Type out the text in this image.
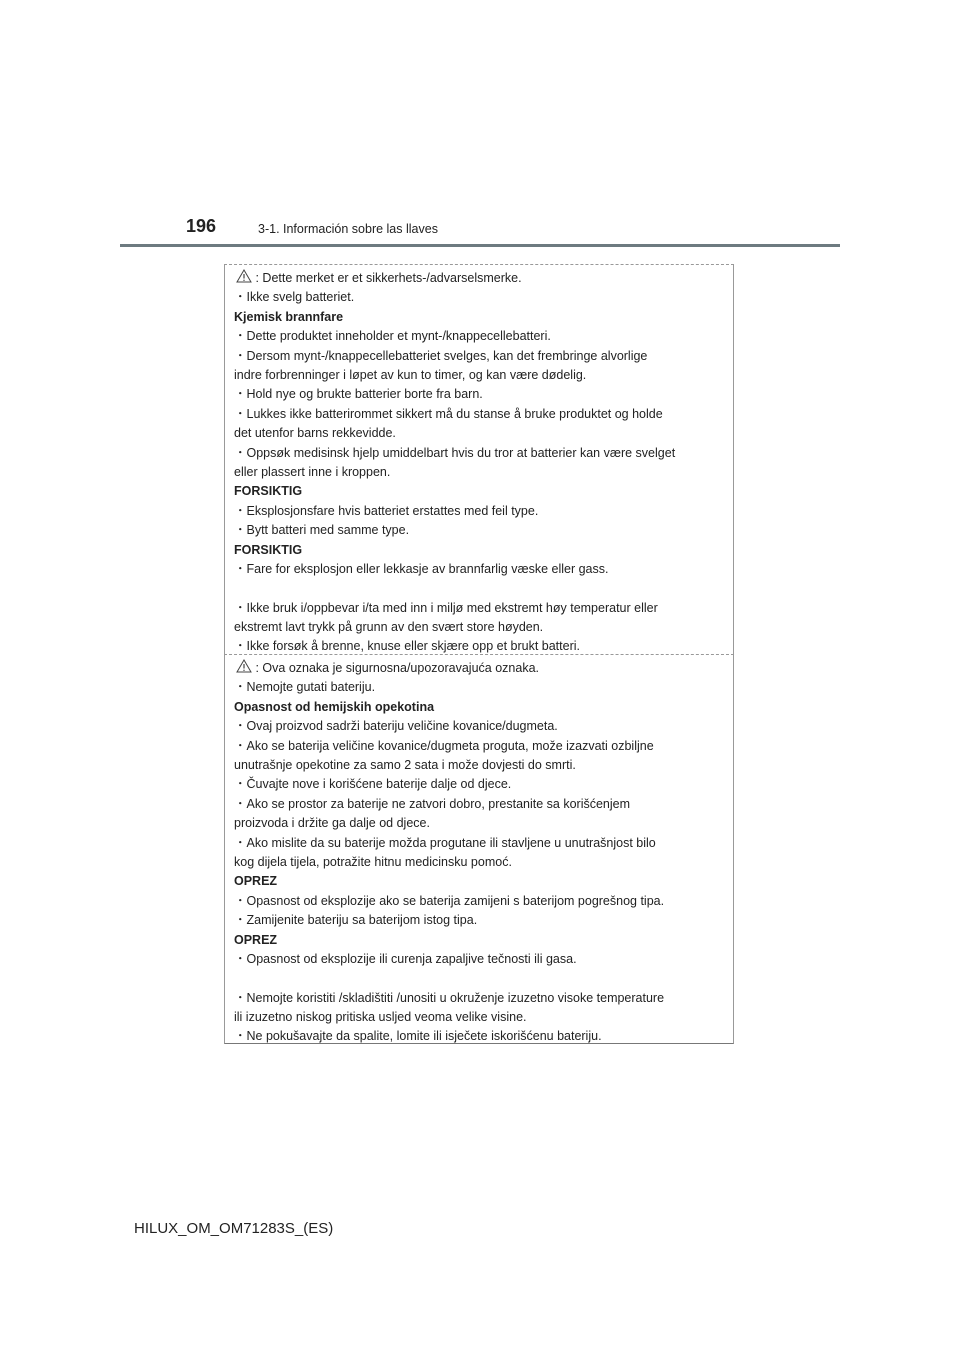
196	3-1. Información sobre las llaves
: Dette merket er et sikkerhets-/advarselsmerke.
・Ikke svelg batteriet.
Kjemisk brannfare
・Dette produktet inneholder et mynt-/knappecellebatteri.
・Dersom mynt-/knappecellebatteriet svelges, kan det frembringe alvorlige
indre forbrenninger i løpet av kun to timer, og kan være dødelig.
・Hold nye og brukte batterier borte fra barn.
・Lukkes ikke batterirommet sikkert må du stanse å bruke produktet og holde
det utenfor barns rekkevidde.
・Oppsøk medisinsk hjelp umiddelbart hvis du tror at batterier kan være svelget
eller plassert inne i kroppen.
FORSIKTIG
・Eksplosjonsfare hvis batteriet erstattes med feil type.
・Bytt batteri med samme type.
FORSIKTIG
・Fare for eksplosjon eller lekkasje av brannfarlig væske eller gass.
・Ikke bruk i/oppbevar i/ta med inn i miljø med ekstremt høy temperatur eller
ekstremt lavt trykk på grunn av den svært store høyden.
・Ikke forsøk å brenne, knuse eller skjære opp et brukt batteri.
: Ova oznaka je sigurnosna/upozoravajuća oznaka.
・Nemojte gutati bateriju.
Opasnost od hemijskih opekotina
・Ovaj proizvod sadrži bateriju veličine kovanice/dugmeta.
・Ako se baterija veličine kovanice/dugmeta proguta, može izazvati ozbiljne
unutrašnje opekotine za samo 2 sata i može dovjesti do smrti.
・Čuvajte nove i korišćene baterije dalje od djece.
・Ako se prostor za baterije ne zatvori dobro, prestanite sa korišćenjem
proizvoda i držite ga dalje od djece.
・Ako mislite da su baterije možda progutane ili stavljene u unutrašnjost bilo
kog dijela tijela, potražite hitnu medicinsku pomoć.
OPREZ
・Opasnost od eksplozije ako se baterija zamijeni s baterijom pogrešnog tipa.
・Zamijenite bateriju sa baterijom istog tipa.
OPREZ
・Opasnost od eksplozije ili curenja zapaljive tečnosti ili gasa.
・Nemojte koristiti /skladištiti /unositi u okruženje izuzetno visoke temperature
ili izuzetno niskog pritiska usljed veoma velike visine.
・Ne pokušavajte da spalite, lomite ili isječete iskorišćenu bateriju.
HILUX_OM_OM71283S_(ES)
